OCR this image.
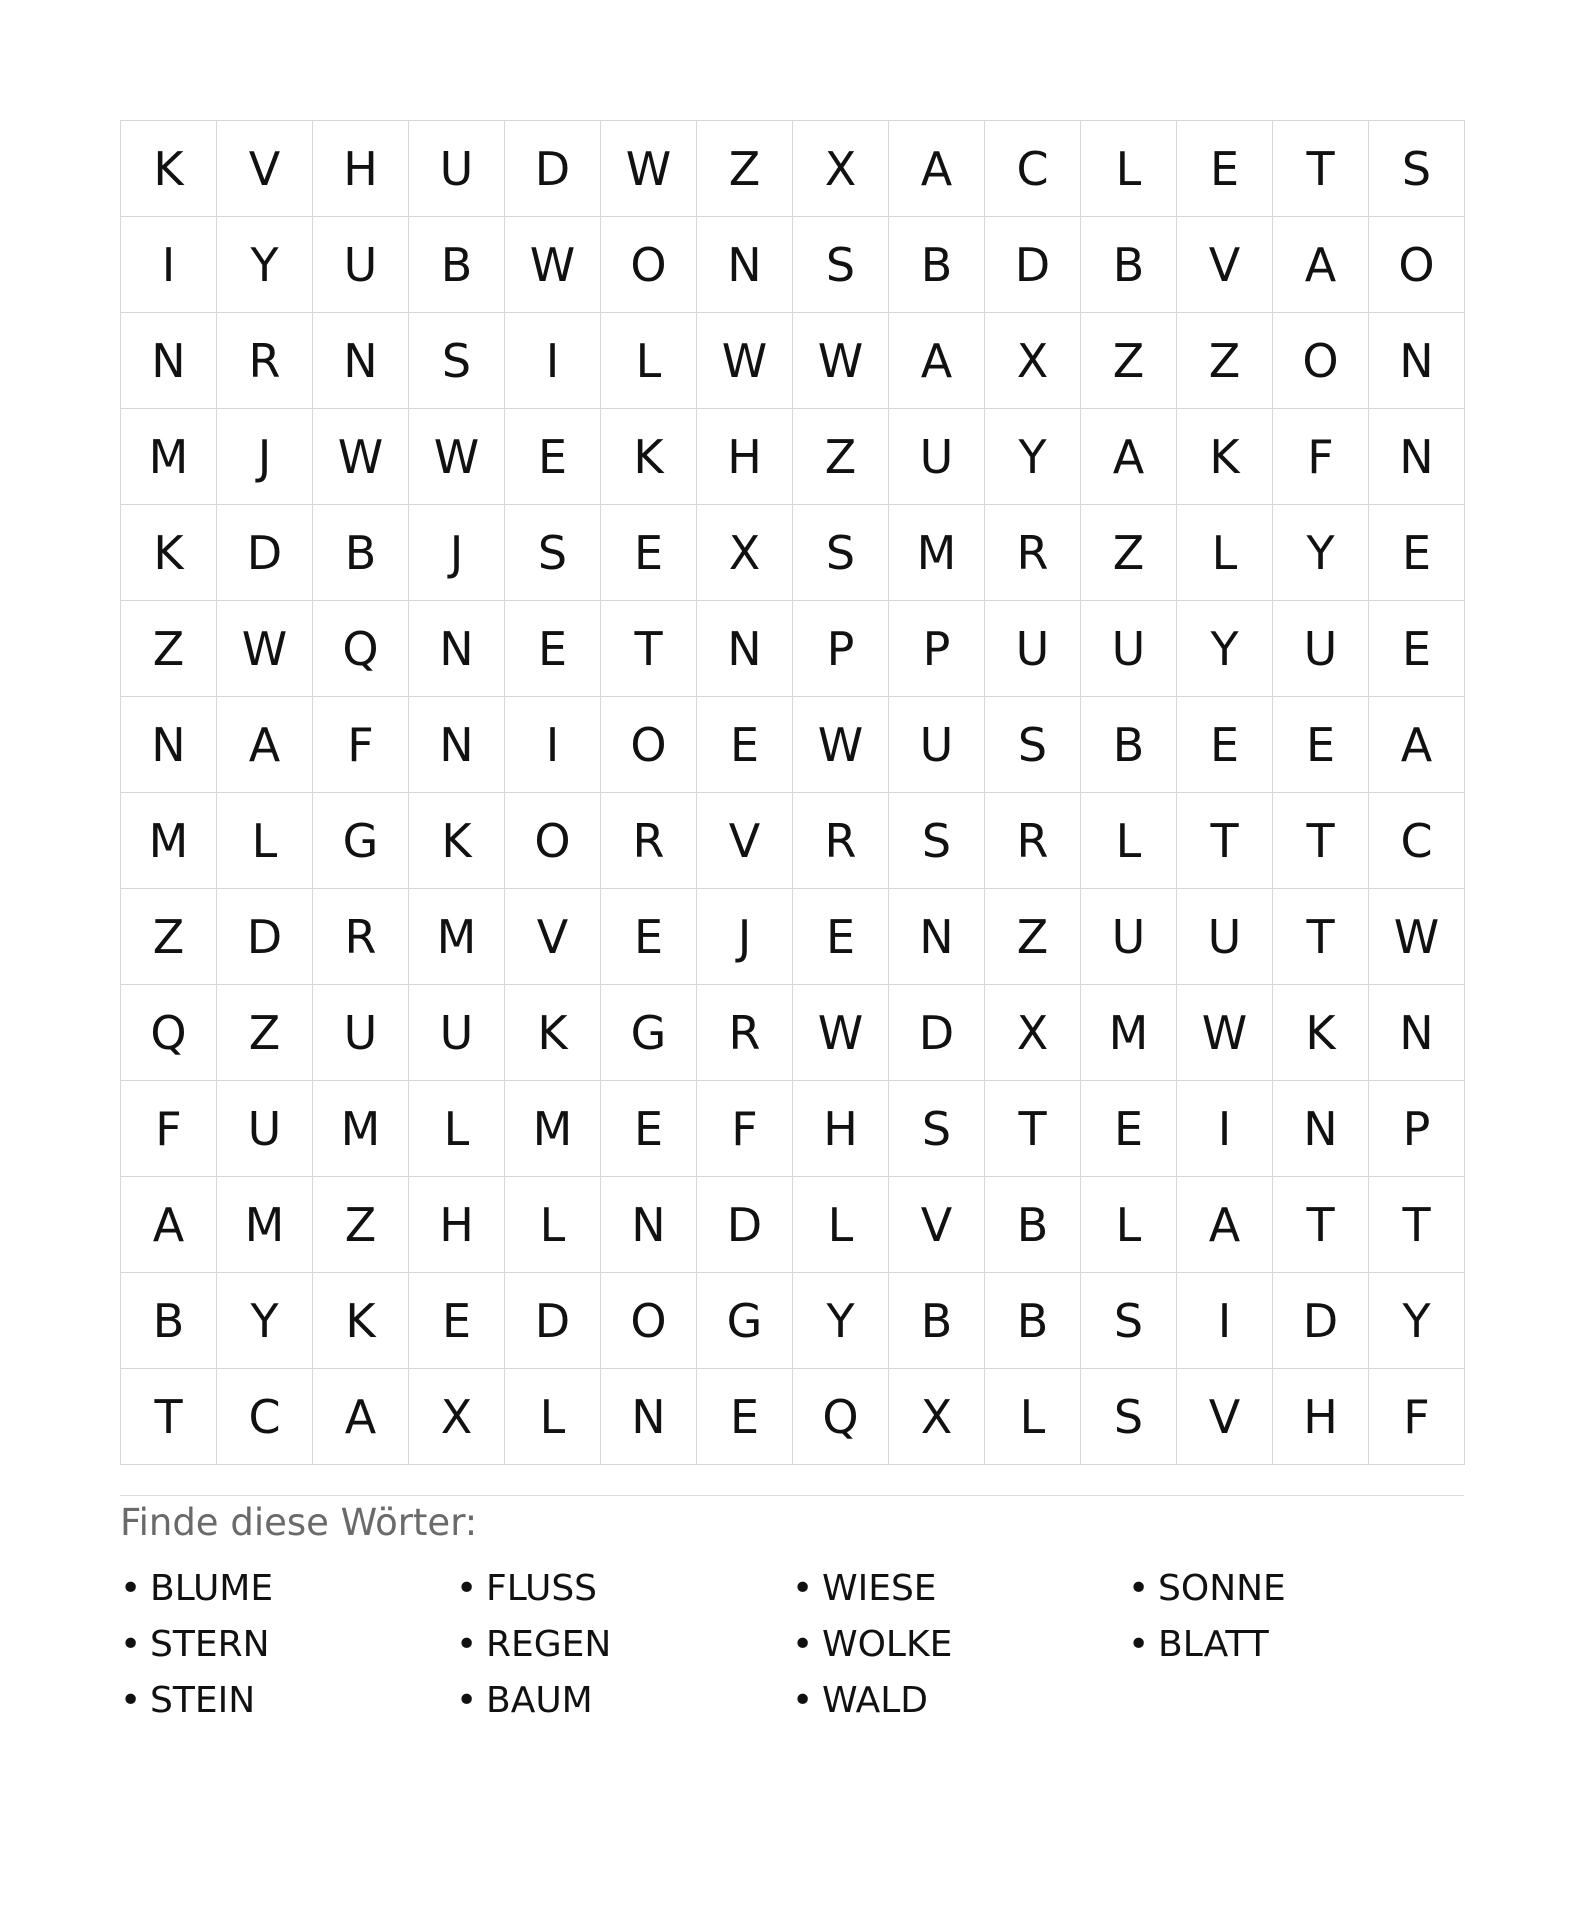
K	V	H	U	D	W	Z	X	A	C	L	E	T	S
I	Y	U	B	W	O	N	S	B	D	B	V	A	O
N	R	N	S	I	L	W	W	A	X	Z	Z	O	N
M	J	W	W	E	K	H	Z	U	Y	A	K	F	N
K	D	B	J	S	E	X	S	M	R	Z	L	Y	E
Z	W	Q	N	E	T	N	P	P	U	U	Y	U	E
N	A	F	N	I	O	E	W	U	S	B	E	E	A
M	L	G	K	O	R	V	R	S	R	L	T	T	C
Z	D	R	M	V	E	J	E	N	Z	U	U	T	W
Q	Z	U	U	K	G	R	W	D	X	M	W	K	N
F	U	M	L	M	E	F	H	S	T	E	I	N	P
A	M	Z	H	L	N	D	L	V	B	L	A	T	T
B	Y	K	E	D	O	G	Y	B	B	S	I	D	Y
T	C	A	X	L	N	E	Q	X	L	S	V	H	F
Finde diese Wörter:
• BLUME	• FLUSS	• WIESE	• SONNE
• STERN	• REGEN	• WOLKE	• BLATT
• STEIN	• BAUM	• WALD
